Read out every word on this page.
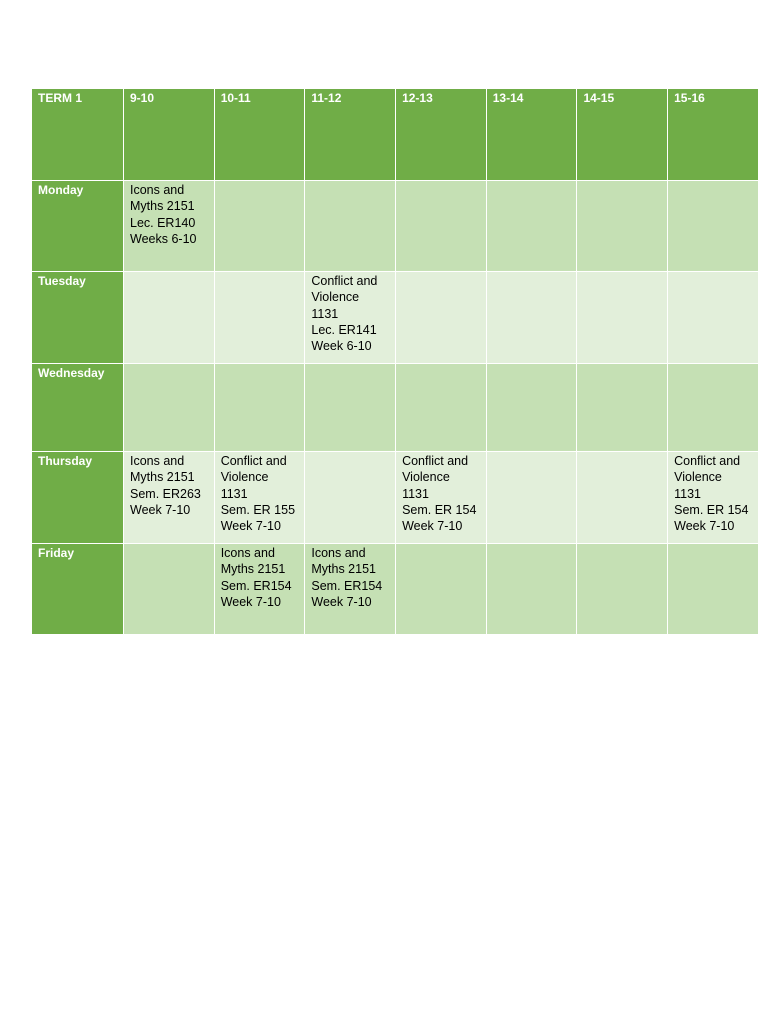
TERM 1	9-10	10-11	11-12	12-13	13-14	14-15	15-16
Monday	Icons and
Myths 2151
Lec. ER140
Weeks 6-10						

Tuesday			Conflict and
Violence
1131
Lec. ER141
Week 6-10				

Wednesday							
Thursday	Icons and
Myths 2151
Sem. ER263
Week 7-10	Conflict and
Violence
1131
Sem. ER 155
Week 7-10		Conflict and
Violence
1131
Sem. ER 154
Week 7-10			Conflict and
Violence
1131
Sem. ER 154
Week 7-10

Friday		Icons and
Myths 2151
Sem. ER154
Week 7-10	Icons and
Myths 2151
Sem. ER154
Week 7-10				
